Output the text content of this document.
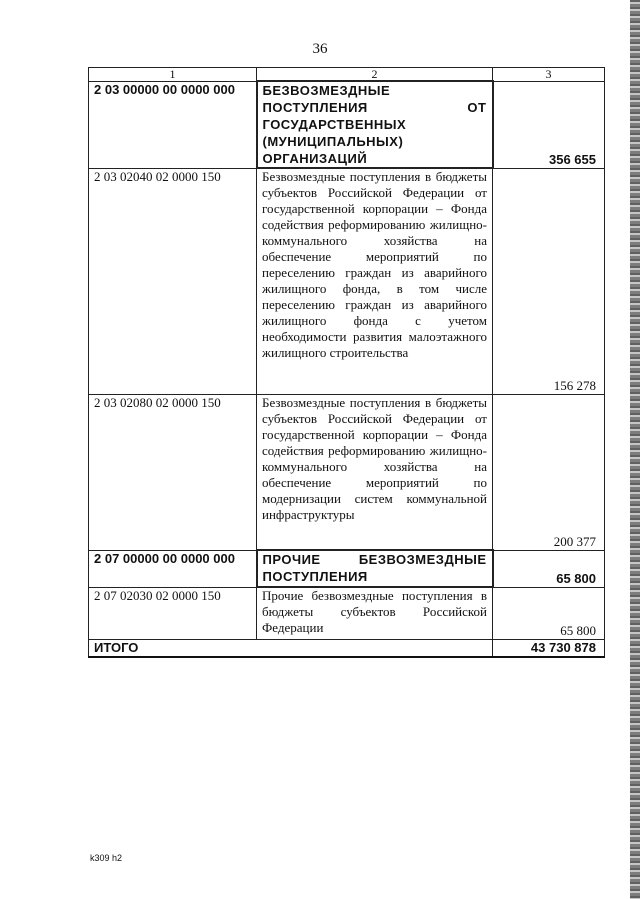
36
1	2	3
2 03 00000 00 0000 000	БЕЗВОЗМЕЗДНЫЕ ПОСТУПЛЕНИЯ ОТ ГОСУДАРСТВЕННЫХ (МУНИЦИПАЛЬНЫХ) ОРГАНИЗАЦИЙ	356 655
2 03 02040 02 0000 150	Безвозмездные поступления в бюджеты субъектов Российской Федерации от государственной корпорации – Фонда содействия реформированию жилищно-коммунального хозяйства на обеспечение мероприятий по переселению граждан из аварийного жилищного фонда, в том числе переселению граждан из аварийного жилищного фонда с учетом необходимости развития малоэтажного жилищного строительства	156 278
2 03 02080 02 0000 150	Безвозмездные поступления в бюджеты субъектов Российской Федерации от государственной корпорации – Фонда содействия реформированию жилищно-коммунального хозяйства на обеспечение мероприятий по модернизации систем коммунальной инфраструктуры	200 377
2 07 00000 00 0000 000	ПРОЧИЕ БЕЗВОЗМЕЗДНЫЕ ПОСТУПЛЕНИЯ	65 800
2 07 02030 02 0000 150	Прочие безвозмездные поступления в бюджеты субъектов Российской Федерации	65 800
ИТОГО		43 730 878
k309 h2
